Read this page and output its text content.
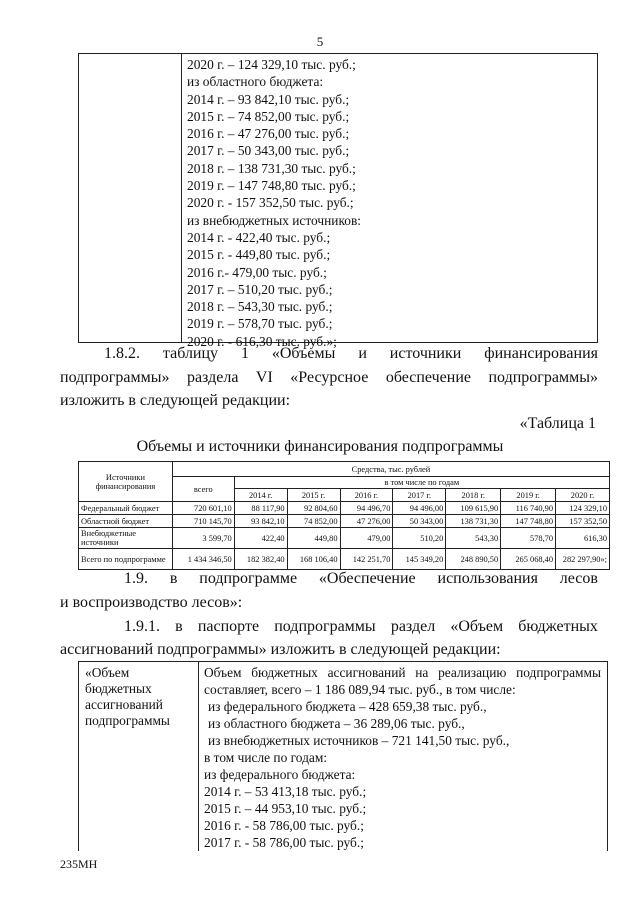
5
2020 г. – 124 329,10 тыс. руб.;
из областного бюджета:
2014 г. – 93 842,10 тыс. руб.;
2015 г. – 74 852,00 тыс. руб.;
2016 г. – 47 276,00 тыс. руб.;
2017 г. – 50 343,00 тыс. руб.;
2018 г. – 138 731,30 тыс. руб.;
2019 г. – 147 748,80 тыс. руб.;
2020 г. - 157 352,50 тыс. руб.;
из внебюджетных источников:
2014 г. - 422,40 тыс. руб.;
2015 г. - 449,80 тыс. руб.;
2016 г.- 479,00 тыс. руб.;
2017 г. – 510,20 тыс. руб.;
2018 г. – 543,30 тыс. руб.;
2019 г. – 578,70 тыс. руб.;
2020 г. - 616,30 тыс. руб.»;
1.8.2. таблицу 1 «Объемы и источники финансирования
подпрограммы» раздела VI «Ресурсное обеспечение подпрограммы»
изложить в следующей редакции:
«Таблица 1
Объемы и источники финансирования подпрограммы
Источники финансирования	Средства, тыс. рублей							
	всего	в том числе по годам						
		2014 г.	2015 г.	2016 г.	2017 г.	2018 г.	2019 г.	2020 г.
Федеральный бюджет	720 601,10	88 117,90	92 804,60	94 496,70	94 496,00	109 615,90	116 740,90	124 329,10
Областной бюджет	710 145,70	93 842,10	74 852,00	47 276,00	50 343,00	138 731,30	147 748,80	157 352,50
Внебюджетные источники	3 599,70	422,40	449,80	479,00	510,20	543,30	578,70	616,30
Всего по подпрограмме	1 434 346,50	182 382,40	168 106,40	142 251,70	145 349,20	248 890,50	265 068,40	282 297,90»;
1.9. в подпрограмме «Обеспечение использования лесов
и воспроизводство лесов»:
1.9.1. в паспорте подпрограммы раздел «Объем бюджетных
ассигнований подпрограммы» изложить в следующей редакции:
«Объем
бюджетных
ассигнований
подпрограммы
Объем бюджетных ассигнований на реализацию подпрограммы
составляет, всего – 1 186 089,94 тыс. руб., в том числе:
из федерального бюджета – 428 659,38 тыс. руб.,
из областного бюджета – 36 289,06 тыс. руб.,
из внебюджетных источников – 721 141,50 тыс. руб.,
в том числе по годам:
из федерального бюджета:
2014 г. – 53 413,18 тыс. руб.;
2015 г. – 44 953,10 тыс. руб.;
2016 г. - 58 786,00 тыс. руб.;
2017 г. - 58 786,00 тыс. руб.;
235МН
